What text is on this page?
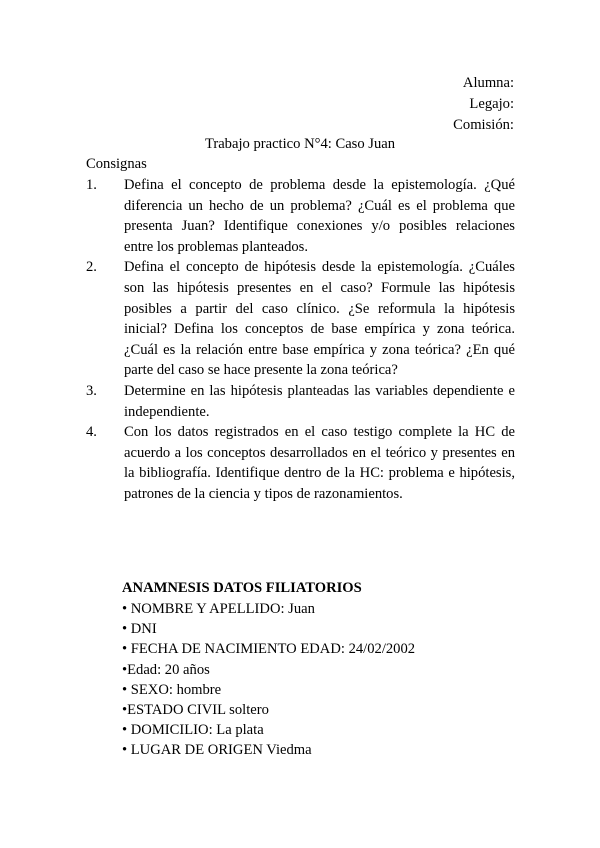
Alumna:
Legajo:
Comisión:
Trabajo practico N°4: Caso Juan
Consignas
1. Defina el concepto de problema desde la epistemología. ¿Qué diferencia un hecho de un problema? ¿Cuál es el problema que presenta Juan? Identifique conexiones y/o posibles relaciones entre los problemas planteados.
2. Defina el concepto de hipótesis desde la epistemología. ¿Cuáles son las hipótesis presentes en el caso? Formule las hipótesis posibles a partir del caso clínico. ¿Se reformula la hipótesis inicial? Defina los conceptos de base empírica y zona teórica. ¿Cuál es la relación entre base empírica y zona teórica? ¿En qué parte del caso se hace presente la zona teórica?
3. Determine en las hipótesis planteadas las variables dependiente e independiente.
4. Con los datos registrados en el caso testigo complete la HC de acuerdo a los conceptos desarrollados en el teórico y presentes en la bibliografía. Identifique dentro de la HC: problema e hipótesis, patrones de la ciencia y tipos de razonamientos.
ANAMNESIS DATOS FILIATORIOS
• NOMBRE Y APELLIDO: Juan
• DNI
• FECHA DE NACIMIENTO EDAD: 24/02/2002
•Edad: 20 años
• SEXO: hombre
•ESTADO CIVIL soltero
• DOMICILIO: La plata
• LUGAR DE ORIGEN Viedma
